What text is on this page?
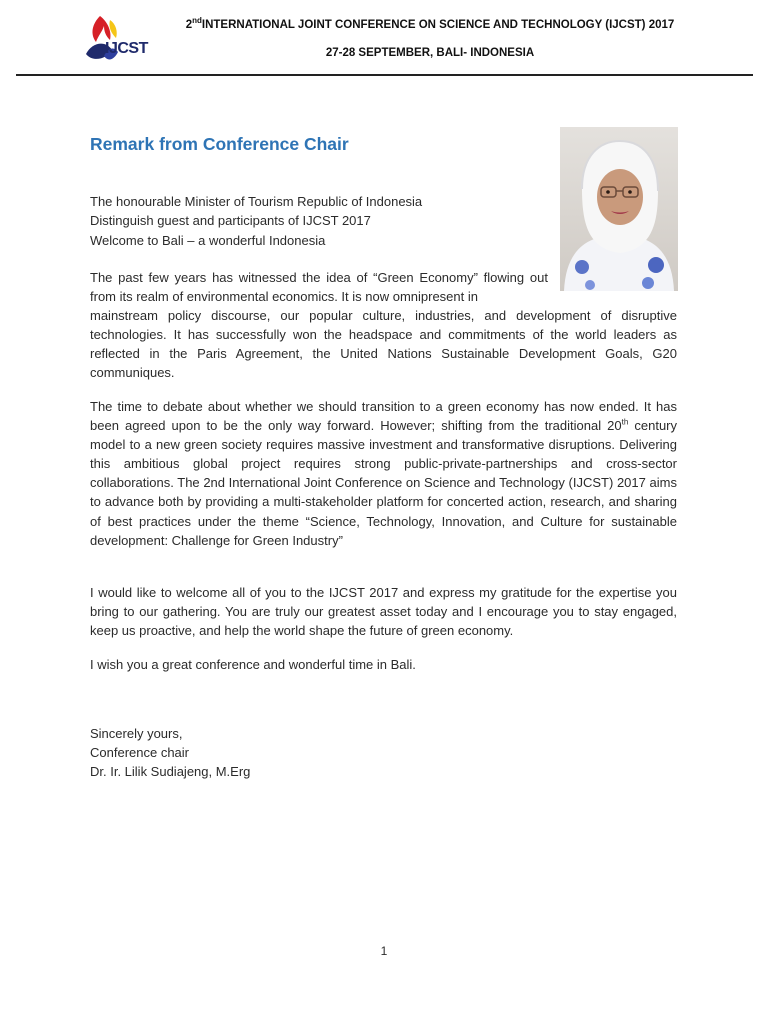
IJCST
2ndINTERNATIONAL JOINT CONFERENCE ON SCIENCE AND TECHNOLOGY (IJCST) 2017
27-28 SEPTEMBER, BALI- INDONESIA
Remark from Conference Chair
The honourable Minister of Tourism Republic of Indonesia
Distinguish guest and participants of IJCST 2017
Welcome to Bali – a wonderful Indonesia
The past few years has witnessed the idea of “Green Economy” flowing out from its realm of environmental economics. It is now omnipresent in
mainstream policy discourse, our popular culture, industries, and development of disruptive technologies. It has successfully won the headspace and commitments of the world leaders as reflected in the Paris Agreement, the United Nations Sustainable Development Goals, G20 communiques.
The time to debate about whether we should transition to a green economy has now ended. It has been agreed upon to be the only way forward. However; shifting from the traditional 20th century model to a new green society requires massive investment and transformative disruptions. Delivering this ambitious global project requires strong public-private-partnerships and cross-sector collaborations. The 2nd International Joint Conference on Science and Technology (IJCST) 2017 aims to advance both by providing a multi-stakeholder platform for concerted action, research, and sharing of best practices under the theme “Science, Technology, Innovation, and Culture for sustainable development: Challenge for Green Industry”
I would like to welcome all of you to the IJCST 2017 and express my gratitude for the expertise you bring to our gathering. You are truly our greatest asset today and I encourage you to stay engaged, keep us proactive, and help the world shape the future of green economy.
I wish you a great conference and wonderful time in Bali.
Sincerely yours,
Conference chair
Dr. Ir. Lilik Sudiajeng, M.Erg
1
